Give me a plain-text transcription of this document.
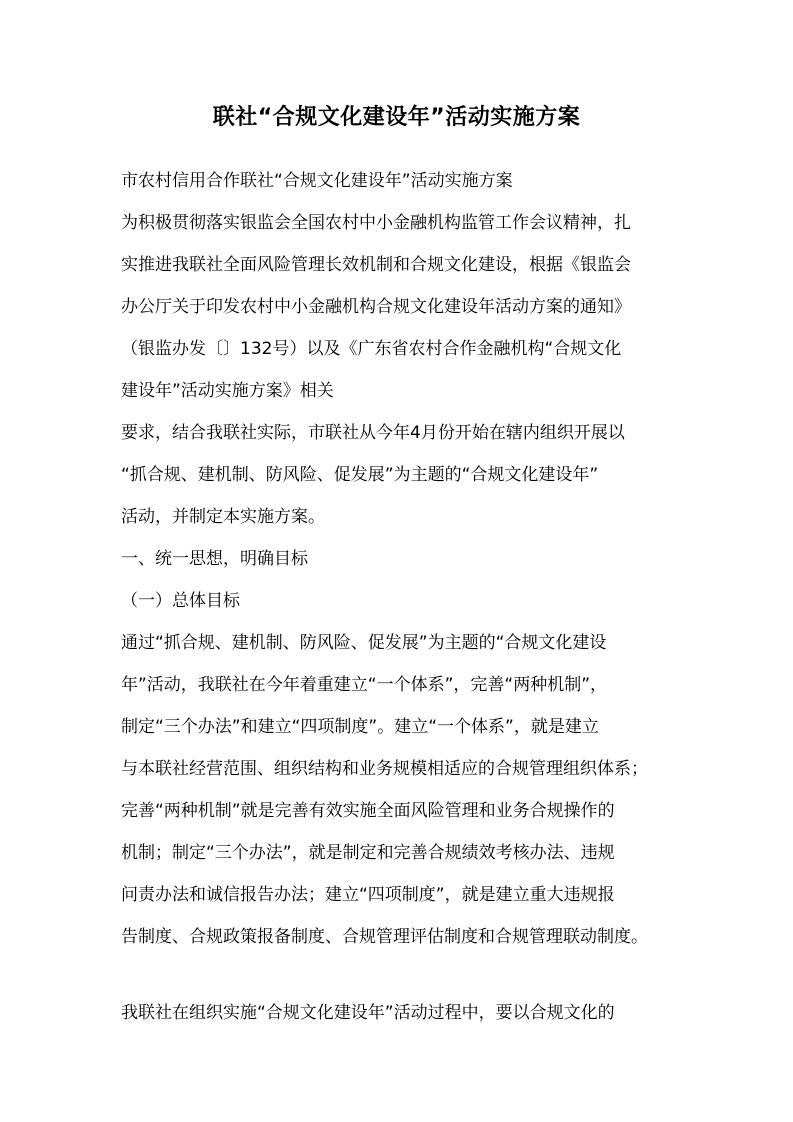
联社“合规文化建设年”活动实施方案
市农村信用合作联社“合规文化建设年”活动实施方案
为积极贯彻落实银监会全国农村中小金融机构监管工作会议精神，扎
实推进我联社全面风险管理长效机制和合规文化建设，根据《银监会
办公厅关于印发农村中小金融机构合规文化建设年活动方案的通知》
（银监办发〔〕132号）以及《广东省农村合作金融机构“合规文化
建设年”活动实施方案》相关
要求，结合我联社实际，市联社从今年4月份开始在辖内组织开展以
“抓合规、建机制、防风险、促发展”为主题的“合规文化建设年”
活动，并制定本实施方案。
一、统一思想，明确目标
（一）总体目标
通过“抓合规、建机制、防风险、促发展”为主题的“合规文化建设
年”活动，我联社在今年着重建立“一个体系”，完善“两种机制”，
制定“三个办法”和建立“四项制度”。建立“一个体系”，就是建立
与本联社经营范围、组织结构和业务规模相适应的合规管理组织体系；
完善“两种机制”就是完善有效实施全面风险管理和业务合规操作的
机制；制定“三个办法”，就是制定和完善合规绩效考核办法、违规
问责办法和诚信报告办法；建立“四项制度”，就是建立重大违规报
告制度、合规政策报备制度、合规管理评估制度和合规管理联动制度。
我联社在组织实施“合规文化建设年”活动过程中，要以合规文化的
